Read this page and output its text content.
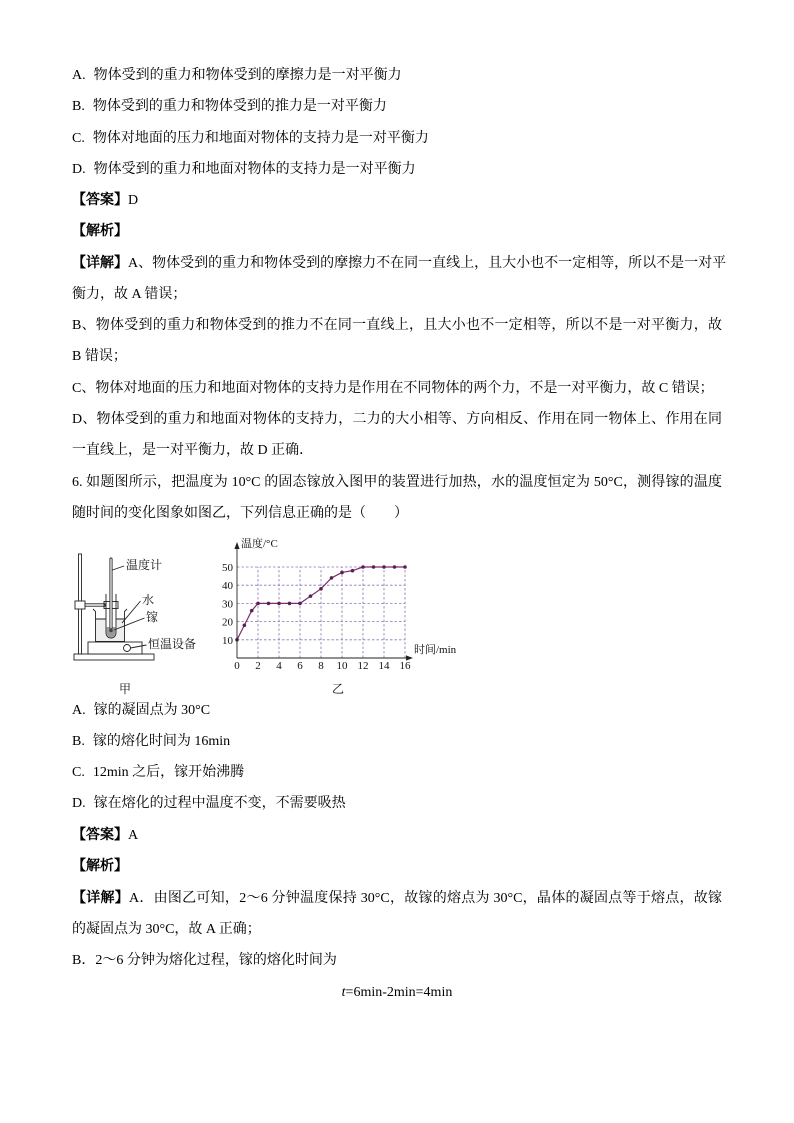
A. 物体受到的重力和物体受到的摩擦力是一对平衡力
B. 物体受到的重力和物体受到的推力是一对平衡力
C. 物体对地面的压力和地面对物体的支持力是一对平衡力
D. 物体受到的重力和地面对物体的支持力是一对平衡力
【答案】D
【解析】
【详解】A、物体受到的重力和物体受到的摩擦力不在同一直线上，且大小也不一定相等，所以不是一对平
衡力，故 A 错误；
B、物体受到的重力和物体受到的推力不在同一直线上，且大小也不一定相等，所以不是一对平衡力，故
B 错误；
C、物体对地面的压力和地面对物体的支持力是作用在不同物体的两个力，不是一对平衡力，故 C 错误；
D、物体受到的重力和地面对物体的支持力，二力的大小相等、方向相反、作用在同一物体上、作用在同
一直线上，是一对平衡力，故 D 正确．
6. 如题图所示，把温度为 10°C 的固态镓放入图甲的装置进行加热，水的温度恒定为 50°C，测得镓的温度
随时间的变化图象如图乙，下列信息正确的是（　　）
温度计
水
镓
恒温设备
甲
0 2 4 6 8 10 12 14 16
10
20
30
40
50
温度/°C
时间/min
乙
A. 镓的凝固点为 30°C
B. 镓的熔化时间为 16min
C. 12min 之后，镓开始沸腾
D. 镓在熔化的过程中温度不变，不需要吸热
【答案】A
【解析】
【详解】A．由图乙可知，2～6 分钟温度保持 30°C，故镓的熔点为 30°C，晶体的凝固点等于熔点，故镓
的凝固点为 30°C，故 A 正确；
B．2～6 分钟为熔化过程，镓的熔化时间为
t=6min-2min=4min
